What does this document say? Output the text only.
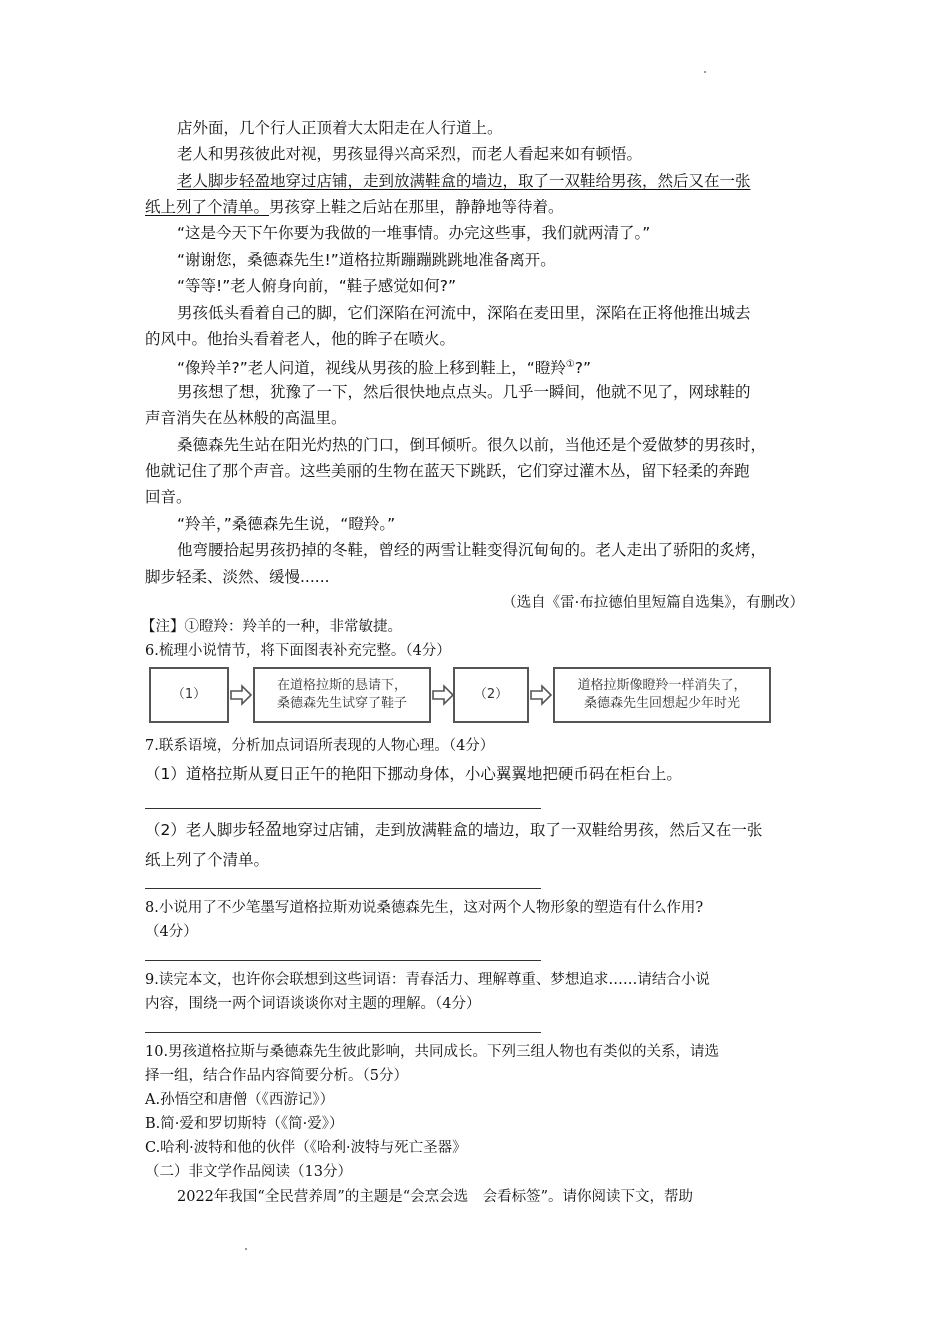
店外面，几个行人正顶着大太阳走在人行道上。
老人和男孩彼此对视，男孩显得兴高采烈，而老人看起来如有顿悟。
老人脚步轻盈地穿过店铺，走到放满鞋盒的墙边，取了一双鞋给男孩，然后又在一张
纸上列了个清单。男孩穿上鞋之后站在那里，静静地等待着。
“这是今天下午你要为我做的一堆事情。办完这些事，我们就两清了。”
“谢谢您，桑德森先生!”道格拉斯蹦蹦跳跳地准备离开。
“等等!”老人俯身向前，“鞋子感觉如何?”
男孩低头看着自己的脚，它们深陷在河流中，深陷在麦田里，深陷在正将他推出城去
的风中。他抬头看着老人，他的眸子在喷火。
“像羚羊?”老人问道，视线从男孩的脸上移到鞋上，“瞪羚①?”
男孩想了想，犹豫了一下，然后很快地点点头。几乎一瞬间，他就不见了，网球鞋的
声音消失在丛林般的高温里。
桑德森先生站在阳光灼热的门口，倒耳倾听。很久以前，当他还是个爱做梦的男孩时，
他就记住了那个声音。这些美丽的生物在蓝天下跳跃，它们穿过灌木丛，留下轻柔的奔跑
回音。
“羚羊，”桑德森先生说，“瞪羚。”
他弯腰拾起男孩扔掉的冬鞋，曾经的两雪让鞋变得沉甸甸的。老人走出了骄阳的炙烤，
脚步轻柔、淡然、缓慢......
（选自《雷·布拉德伯里短篇自选集》，有删改）
【注】①瞪羚：羚羊的一种，非常敏捷。
6.梳理小说情节，将下面图表补充完整。（4分）
（1）
在道格拉斯的恳请下，
桑德森先生试穿了鞋子
（2）
道格拉斯像瞪羚一样消失了，
桑德森先生回想起少年时光
7.联系语境，分析加点词语所表现的人物心理。（4分）
（1）道格拉斯从夏日正午的艳阳下挪动身体，小心翼翼地把硬币码在柜台上。
（2）老人脚步轻盈地穿过店铺，走到放满鞋盒的墙边，取了一双鞋给男孩，然后又在一张
纸上列了个清单。
8.小说用了不少笔墨写道格拉斯劝说桑德森先生，这对两个人物形象的塑造有什么作用?
（4分）
9.读完本文，也许你会联想到这些词语：青春活力、理解尊重、梦想追求……请结合小说
内容，围绕一两个词语谈谈你对主题的理解。（4分）
10.男孩道格拉斯与桑德森先生彼此影响，共同成长。下列三组人物也有类似的关系，请选
择一组，结合作品内容简要分析。（5分）
A.孙悟空和唐僧（《西游记》）
B.简·爱和罗切斯特（《简·爱》）
C.哈利·波特和他的伙伴（《哈利·波特与死亡圣器》
（二）非文学作品阅读（13分）
2022年我国“全民营养周”的主题是“会烹会选　会看标签”。请你阅读下文，帮助
